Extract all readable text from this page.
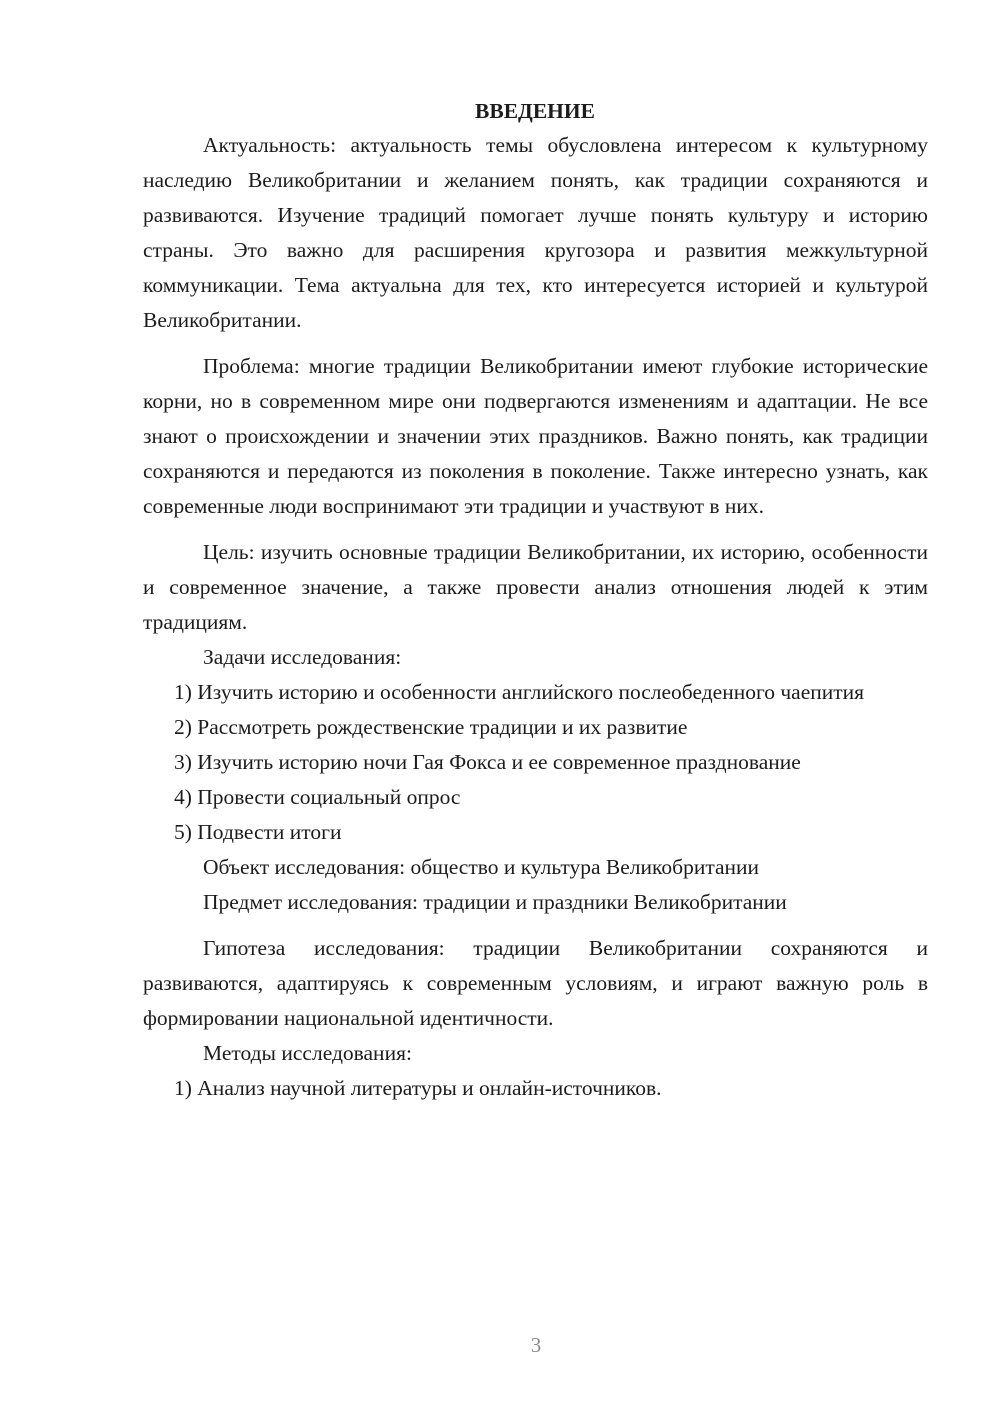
ВВЕДЕНИЕ

Актуальность: актуальность темы обусловлена интересом к культурному наследию Великобритании и желанием понять, как традиции сохраняются и развиваются. Изучение традиций помогает лучше понять культуру и историю страны. Это важно для расширения кругозора и развития межкультурной коммуникации. Тема актуальна для тех, кто интересуется историей и культурой Великобритании.

Проблема: многие традиции Великобритании имеют глубокие исторические корни, но в современном мире они подвергаются изменениям и адаптации. Не все знают о происхождении и значении этих праздников. Важно понять, как традиции сохраняются и передаются из поколения в поколение. Также интересно узнать, как современные люди воспринимают эти традиции и участвуют в них.

Цель: изучить основные традиции Великобритании, их историю, особенности и современное значение, а также провести анализ отношения людей к этим традициям.

Задачи исследования:

1) Изучить историю и особенности английского послеобеденного чаепития

2) Рассмотреть рождественские традиции и их развитие

3) Изучить историю ночи Гая Фокса и ее современное празднование

4) Провести социальный опрос

5) Подвести итоги

Объект исследования: общество и культура Великобритании

Предмет исследования: традиции и праздники Великобритании

Гипотеза исследования: традиции Великобритании сохраняются и развиваются, адаптируясь к современным условиям, и играют важную роль в формировании национальной идентичности.

Методы исследования:

1) Анализ научной литературы и онлайн-источников.

3
